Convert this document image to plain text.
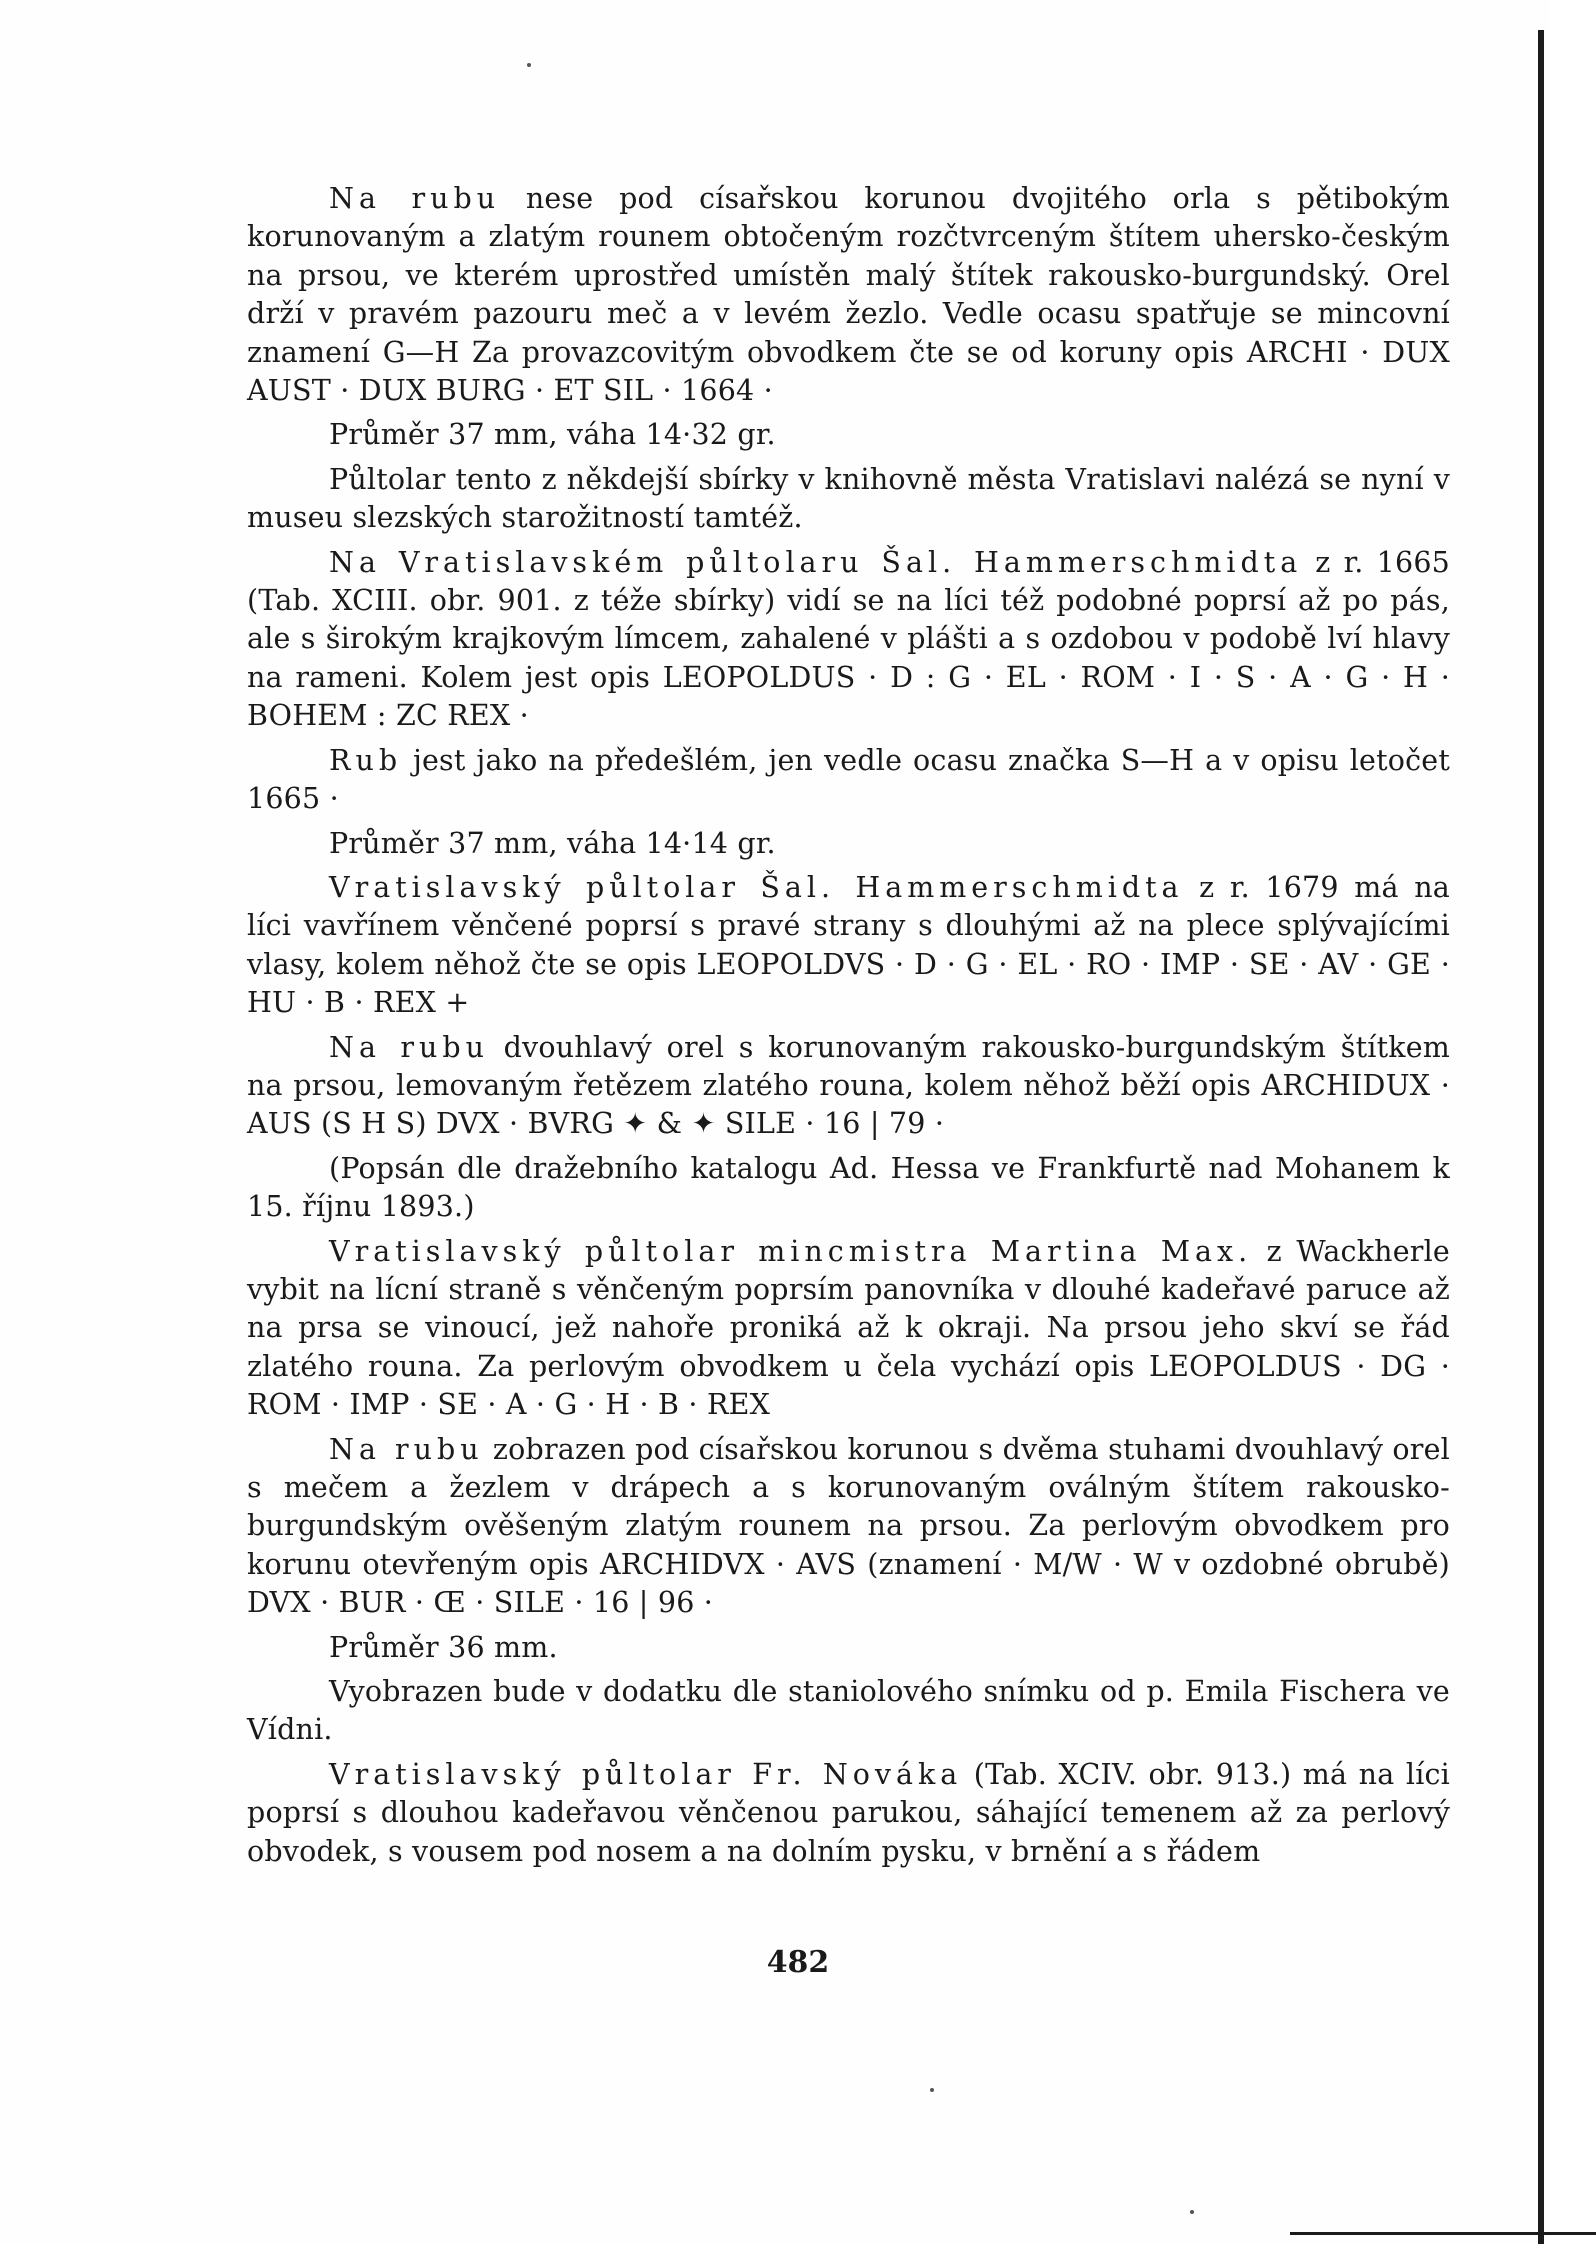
Na rubu nese pod císařskou korunou dvojitého orla s pětibokým korunovaným a zlatým rounem obtočeným rozčtvrceným štítem uhersko-českým na prsou, ve kterém uprostřed umístěn malý štítek rakousko-burgundský. Orel drží v pravém pazouru meč a v levém žezlo. Vedle ocasu spatřuje se mincovní znamení G—H Za provazcovitým obvodkem čte se od koruny opis ARCHI · DUX AUST · DUX BURG · ET SIL · 1664 ·

Průměr 37 mm, váha 14·32 gr.

Půltolar tento z někdejší sbírky v knihovně města Vratislavi nalézá se nyní v museu slezských starožitností tamtéž.

Na Vratislavském půltolaru Šal. Hammerschmidta z r. 1665 (Tab. XCIII. obr. 901. z téže sbírky) vidí se na líci též podobné poprsí až po pás, ale s širokým krajkovým límcem, zahalené v plášti a s ozdobou v podobě lví hlavy na rameni. Kolem jest opis LEOPOLDUS · D : G · EL · ROM · I · S · A · G · H · BOHEM : ZC REX ·

Rub jest jako na předešlém, jen vedle ocasu značka S—H a v opisu letočet 1665 ·

Průměr 37 mm, váha 14·14 gr.

Vratislavský půltolar Šal. Hammerschmidta z r. 1679 má na líci vavřínem věnčené poprsí s pravé strany s dlouhými až na plece splývajícími vlasy, kolem něhož čte se opis LEOPOLDVS · D · G · EL · RO · IMP · SE · AV · GE · HU · B · REX +

Na rubu dvouhlavý orel s korunovaným rakousko-burgundským štítkem na prsou, lemovaným řetězem zlatého rouna, kolem něhož běží opis ARCHIDUX · AUS (S H S) DVX · BVRG ✦ & ✦ SILE · 16 | 79 ·

(Popsán dle dražebního katalogu Ad. Hessa ve Frankfurtě nad Mohanem k 15. říjnu 1893.)

Vratislavský půltolar mincmistra Martina Max. z Wackherle vybit na lícní straně s věnčeným poprsím panovníka v dlouhé kadeřavé paruce až na prsa se vinoucí, jež nahoře proniká až k okraji. Na prsou jeho skví se řád zlatého rouna. Za perlovým obvodkem u čela vychází opis LEOPOLDUS · DG · ROM · IMP · SE · A · G · H · B · REX

Na rubu zobrazen pod císařskou korunou s dvěma stuhami dvouhlavý orel s mečem a žezlem v drápech a s korunovaným oválným štítem rakousko-burgundským ověšeným zlatým rounem na prsou. Za perlovým obvodkem pro korunu otevřeným opis ARCHIDVX · AVS (znamení · M/W · W v ozdobné obrubě) DVX · BUR · Œ · SILE · 16 | 96 ·

Průměr 36 mm.

Vyobrazen bude v dodatku dle staniolového snímku od p. Emila Fischera ve Vídni.

Vratislavský půltolar Fr. Nováka (Tab. XCIV. obr. 913.) má na líci poprsí s dlouhou kadeřavou věnčenou parukou, sáhající temenem až za perlový obvodek, s vousem pod nosem a na dolním pysku, v brnění a s řádem

482
